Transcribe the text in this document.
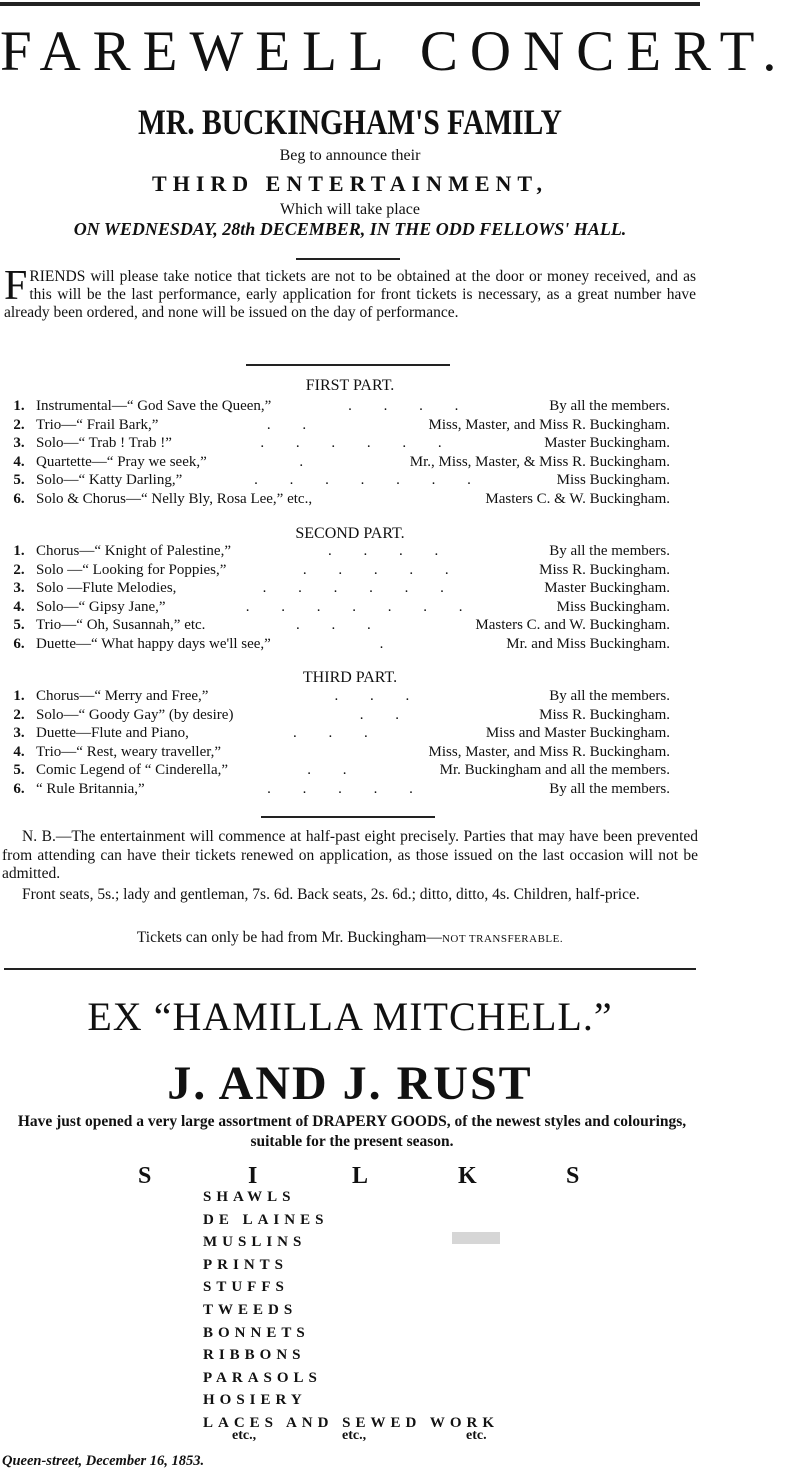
FAREWELL CONCERT.
MR. BUCKINGHAM'S FAMILY
Beg to announce their
THIRD ENTERTAINMENT,
Which will take place
ON WEDNESDAY, 28th DECEMBER, IN THE ODD FELLOWS' HALL.

FRIENDS will please take notice that tickets are not to be obtained at the door or money received, and as this will be the last performance, early application for front tickets is necessary, as a great number have already been ordered, and none will be issued on the day of performance.

FIRST PART.
1. Instrumental—“ God Save the Queen,”	. . . .	By all the members.
2. Trio—“ Frail Bark,”	. .	Miss, Master, and Miss R. Buckingham.
3. Solo—“ Trab ! Trab !”	. . . . . .	Master Buckingham.
4. Quartette—“ Pray we seek,”	.	Mr., Miss, Master, & Miss R. Buckingham.
5. Solo—“ Katty Darling,”	. . . . . . .	Miss Buckingham.
6. Solo & Chorus—“ Nelly Bly, Rosa Lee,” etc.,	Masters C. & W. Buckingham.
SECOND PART.
1. Chorus—“ Knight of Palestine,”	. . . .	By all the members.
2. Solo —“ Looking for Poppies,”	. . . . .	Miss R. Buckingham.
3. Solo —Flute Melodies,	. . . . . .	Master Buckingham.
4. Solo—“ Gipsy Jane,”	. . . . . . .	Miss Buckingham.
5. Trio—“ Oh, Susannah,” etc.	. . .	Masters C. and W. Buckingham.
6. Duette—“ What happy days we'll see,”	.	Mr. and Miss Buckingham.
THIRD PART.
1. Chorus—“ Merry and Free,”	. . .	By all the members.
2. Solo—“ Goody Gay” (by desire)	. .	Miss R. Buckingham.
3. Duette—Flute and Piano,	. . .	Miss and Master Buckingham.
4. Trio—“ Rest, weary traveller,”	Miss, Master, and Miss R. Buckingham.
5. Comic Legend of “ Cinderella,”	. .	Mr. Buckingham and all the members.
6. “ Rule Britannia,”	. . . . .	By all the members.

N. B.—The entertainment will commence at half-past eight precisely. Parties that may have been prevented from attending can have their tickets renewed on application, as those issued on the last occasion will not be admitted.

Front seats, 5s.; lady and gentleman, 7s. 6d. Back seats, 2s. 6d.; ditto, ditto, 4s. Children, half-price.

Tickets can only be had from Mr. Buckingham—NOT TRANSFERABLE.
EX “HAMILLA MITCHELL.”
J. AND J. RUST

Have just opened a very large assortment of DRAPERY GOODS, of the newest styles and colourings, suitable for the present season.

S	I	L	K	S
SHAWLS
DE LAINES
MUSLINS
PRINTS
STUFFS
TWEEDS
BONNETS
RIBBONS
PARASOLS
HOSIERY
LACES AND SEWED WORK
etc.,	etc.,	etc.
Queen-street, December 16, 1853.
